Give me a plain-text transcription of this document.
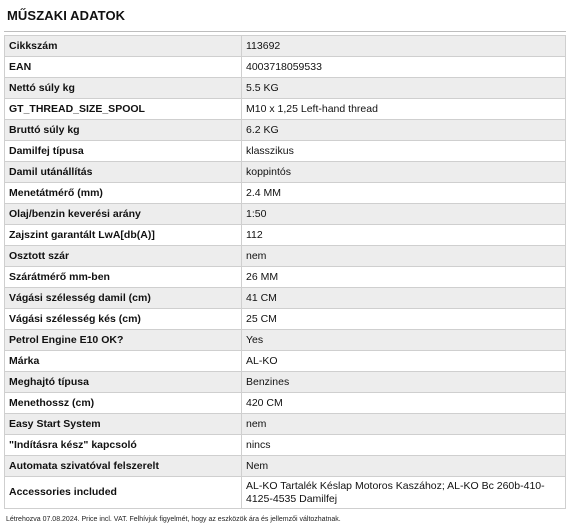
MŰSZAKI ADATOK
Cikkszám	113692
EAN	4003718059533
Nettó súly kg	5.5 KG
GT_THREAD_SIZE_SPOOL	M10 x 1,25 Left-hand thread
Bruttó súly kg	6.2 KG
Damilfej típusa	klasszikus
Damil utánállítás	koppintós
Menetátmérő (mm)	2.4 MM
Olaj/benzin keverési arány	1:50
Zajszint garantált LwA[db(A)]	112
Osztott szár	nem
Szárátmérő mm-ben	26 MM
Vágási szélesség damil (cm)	41 CM
Vágási szélesség kés (cm)	25 CM
Petrol Engine E10 OK?	Yes
Márka	AL-KO
Meghajtó típusa	Benzines
Menethossz (cm)	420 CM
Easy Start System	nem
"Indításra kész" kapcsoló	nincs
Automata szivatóval felszerelt	Nem
Accessories included	AL-KO Tartalék Késlap Motoros Kaszához; AL-KO Bc 260b-410-4125-4535 Damilfej
Létrehozva 07.08.2024. Price incl. VAT. Felhívjuk figyelmét, hogy az eszközök ára és jellemzői változhatnak.
